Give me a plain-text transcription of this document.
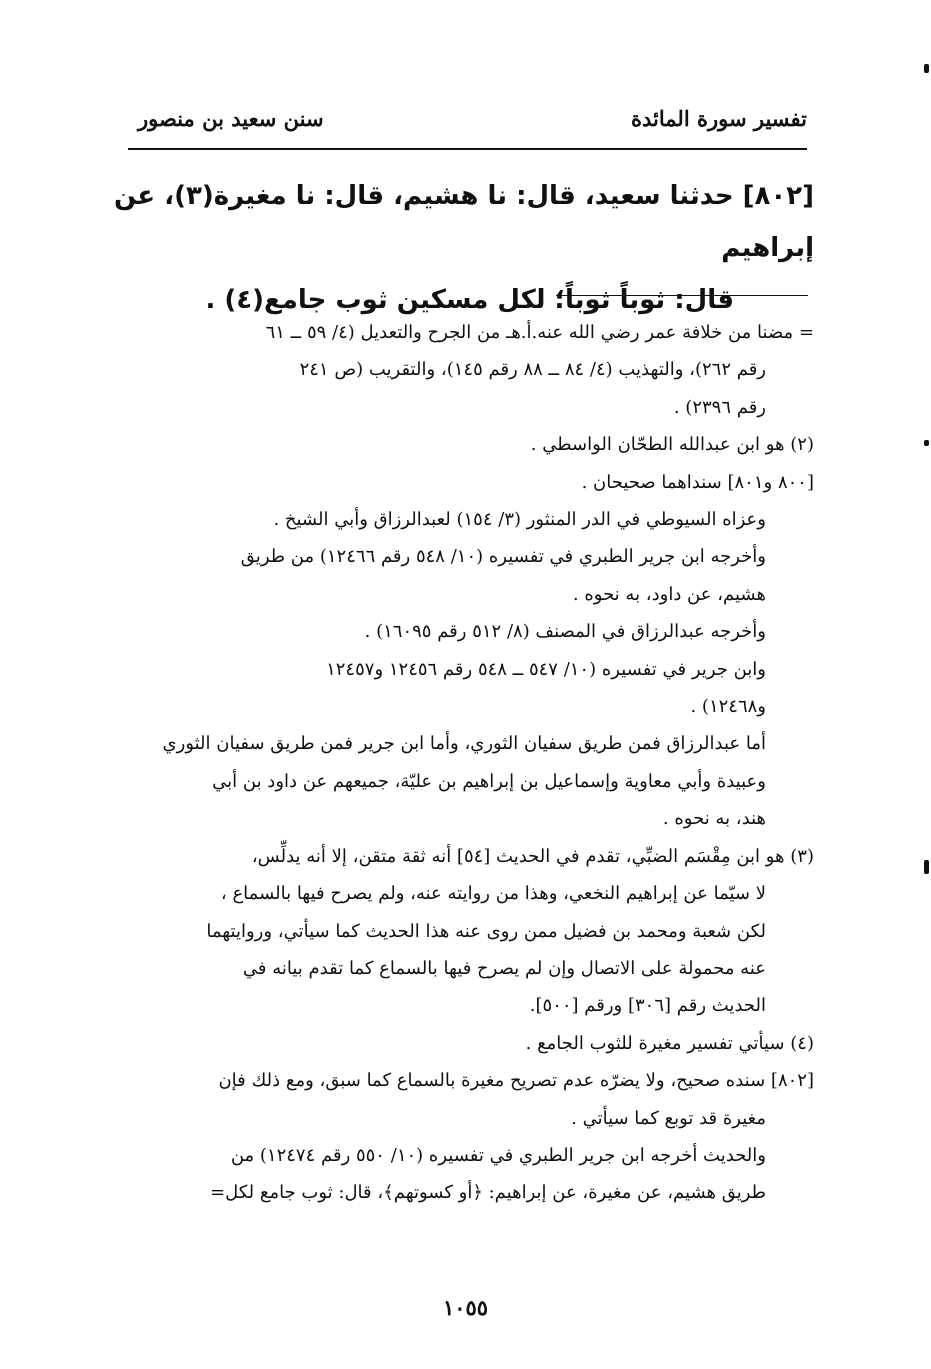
تفسير سورة المائدة
سنن سعيد بن منصور

[٨٠٢] حدثنا سعيد، قال: نا هشيم، قال: نا مغيرة(٣)، عن إبراهيم

قال: ثوباً ثوباً؛ لكل مسكين ثوب جامع(٤) .

= مضنا من خلافة عمر رضي الله عنه.أ.هـ من الجرح والتعديل (٤/ ٥٩ ــ ٦١

رقم ٢٦٢)، والتهذيب (٤/ ٨٤ ــ ٨٨ رقم ١٤٥)، والتقريب (ص ٢٤١

رقم ٢٣٩٦) .

(٢) هو ابن عبدالله الطحّان الواسطي .

[٨٠٠ و٨٠١] سنداهما صحيحان .

وعزاه السيوطي في الدر المنثور (٣/ ١٥٤) لعبدالرزاق وأبي الشيخ .

وأخرجه ابن جرير الطبري في تفسيره (١٠/ ٥٤٨ رقم ١٢٤٦٦) من طريق

هشيم، عن داود، به نحوه .

وأخرجه عبدالرزاق في المصنف (٨/ ٥١٢ رقم ١٦٠٩٥) .

وابن جرير في تفسيره (١٠/ ٥٤٧ ــ ٥٤٨ رقم ١٢٤٥٦ و١٢٤٥٧

و١٢٤٦٨) .

أما عبدالرزاق فمن طريق سفيان الثوري، وأما ابن جرير فمن طريق سفيان الثوري

وعبيدة وأبي معاوية وإسماعيل بن إبراهيم بن عليّة، جميعهم عن داود بن أبي

هند، به نحوه .

(٣) هو ابن مِقْسَم الضبِّي، تقدم في الحديث [٥٤] أنه ثقة متقن، إلا أنه يدلِّس،

لا سيّما عن إبراهيم النخعي، وهذا من روايته عنه، ولم يصرح فيها بالسماع ،

لكن شعبة ومحمد بن فضيل ممن روى عنه هذا الحديث كما سيأتي، وروايتهما

عنه محمولة على الاتصال وإن لم يصرح فيها بالسماع كما تقدم بيانه في

الحديث رقم [٣٠٦] ورقم [٥٠٠].

(٤) سيأتي تفسير مغيرة للثوب الجامع .

[٨٠٢] سنده صحيح، ولا يضرّه عدم تصريح مغيرة بالسماع كما سبق، ومع ذلك فإن

مغيرة قد توبع كما سيأتي .

والحديث أخرجه ابن جرير الطبري في تفسيره (١٠/ ٥٥٠ رقم ١٢٤٧٤) من

طريق هشيم، عن مغيرة، عن إبراهيم: ﴿أو كسوتهم﴾، قال: ثوب جامع لكل=

١٠٥٥
